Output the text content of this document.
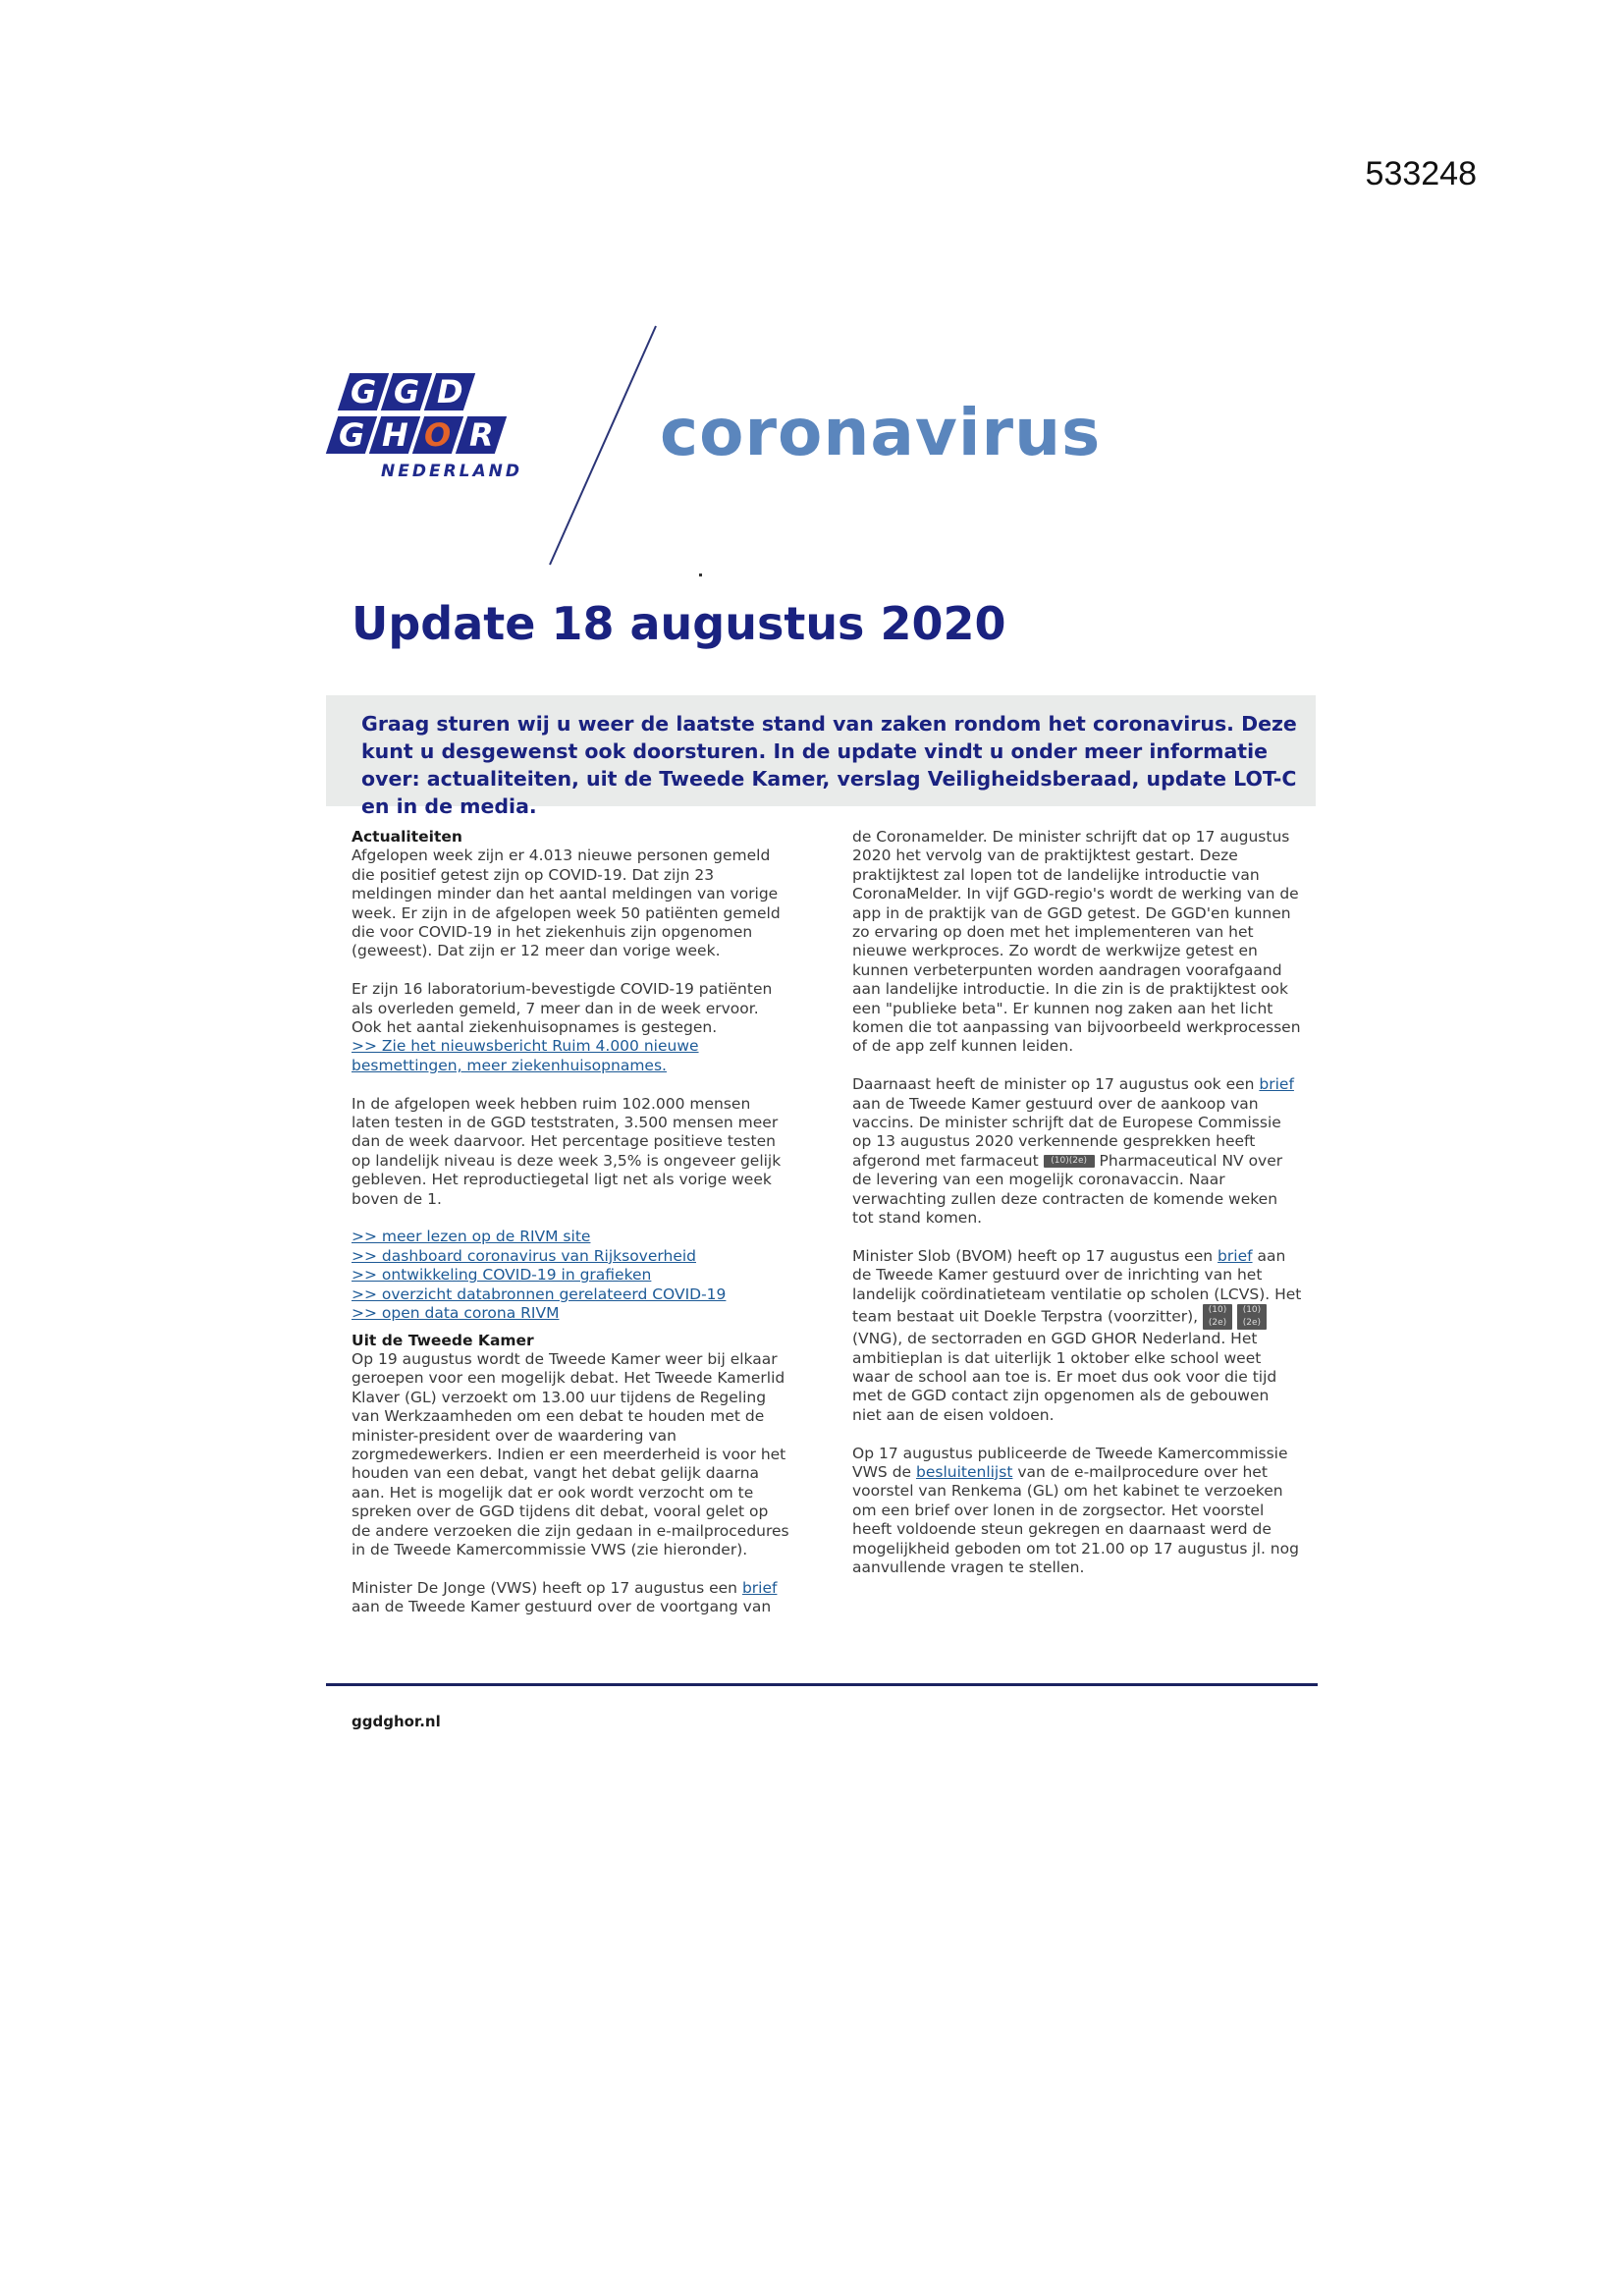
533248
G G D
G H O R
NEDERLAND
coronavirus
Update 18 augustus 2020

Graag sturen wij u weer de laatste stand van zaken rondom het coronavirus. Deze kunt u desgewenst ook doorsturen. In de update vindt u onder meer informatie over: actualiteiten, uit de Tweede Kamer, verslag Veiligheidsberaad, update LOT-C en in de media.

Actualiteiten

Afgelopen week zijn er 4.013 nieuwe personen gemeld die positief getest zijn op COVID-19. Dat zijn 23 meldingen minder dan het aantal meldingen van vorige week. Er zijn in de afgelopen week 50 patiënten gemeld die voor COVID-19 in het ziekenhuis zijn opgenomen (geweest). Dat zijn er 12 meer dan vorige week.

Er zijn 16 laboratorium-bevestigde COVID-19 patiënten als overleden gemeld, 7 meer dan in de week ervoor. Ook het aantal ziekenhuisopnames is gestegen.

>> Zie het nieuwsbericht Ruim 4.000 nieuwe besmettingen, meer ziekenhuisopnames.

In de afgelopen week hebben ruim 102.000 mensen laten testen in de GGD teststraten, 3.500 mensen meer dan de week daarvoor. Het percentage positieve testen op landelijk niveau is deze week 3,5% is ongeveer gelijk gebleven. Het reproductiegetal ligt net als vorige week boven de 1.

>> meer lezen op de RIVM site

>> dashboard coronavirus van Rijksoverheid

>> ontwikkeling COVID-19 in grafieken

>> overzicht databronnen gerelateerd COVID-19

>> open data corona RIVM

Uit de Tweede Kamer

Op 19 augustus wordt de Tweede Kamer weer bij elkaar geroepen voor een mogelijk debat. Het Tweede Kamerlid Klaver (GL) verzoekt om 13.00 uur tijdens de Regeling van Werkzaamheden om een debat te houden met de minister-president over de waardering van zorgmedewerkers. Indien er een meerderheid is voor het houden van een debat, vangt het debat gelijk daarna aan. Het is mogelijk dat er ook wordt verzocht om te spreken over de GGD tijdens dit debat, vooral gelet op de andere verzoeken die zijn gedaan in e-mailprocedures in de Tweede Kamercommissie VWS (zie hieronder).

Minister De Jonge (VWS) heeft op 17 augustus een brief aan de Tweede Kamer gestuurd over de voortgang van

de Coronamelder. De minister schrijft dat op 17 augustus 2020 het vervolg van de praktijktest gestart. Deze praktijktest zal lopen tot de landelijke introductie van CoronaMelder. In vijf GGD-regio's wordt de werking van de app in de praktijk van de GGD getest. De GGD'en kunnen zo ervaring op doen met het implementeren van het nieuwe werkproces. Zo wordt de werkwijze getest en kunnen verbeterpunten worden aandragen voorafgaand aan landelijke introductie. In die zin is de praktijktest ook een "publieke beta". Er kunnen nog zaken aan het licht komen die tot aanpassing van bijvoorbeeld werkprocessen of de app zelf kunnen leiden.

Daarnaast heeft de minister op 17 augustus ook een brief aan de Tweede Kamer gestuurd over de aankoop van vaccins. De minister schrijft dat de Europese Commissie op 13 augustus 2020 verkennende gesprekken heeft afgerond met farmaceut (10)(2e) Pharmaceutical NV over de levering van een mogelijk coronavaccin. Naar verwachting zullen deze contracten de komende weken tot stand komen.

Minister Slob (BVOM) heeft op 17 augustus een brief aan de Tweede Kamer gestuurd over de inrichting van het landelijk coördinatieteam ventilatie op scholen (LCVS). Het team bestaat uit Doekle Terpstra (voorzitter), (10)(2e) (10)(2e) (VNG), de sectorraden en GGD GHOR Nederland. Het ambitieplan is dat uiterlijk 1 oktober elke school weet waar de school aan toe is. Er moet dus ook voor die tijd met de GGD contact zijn opgenomen als de gebouwen niet aan de eisen voldoen.

Op 17 augustus publiceerde de Tweede Kamercommissie VWS de besluitenlijst van de e-mailprocedure over het voorstel van Renkema (GL) om het kabinet te verzoeken om een brief over lonen in de zorgsector. Het voorstel heeft voldoende steun gekregen en daarnaast werd de mogelijkheid geboden om tot 21.00 op 17 augustus jl. nog aanvullende vragen te stellen.

ggdghor.nl
